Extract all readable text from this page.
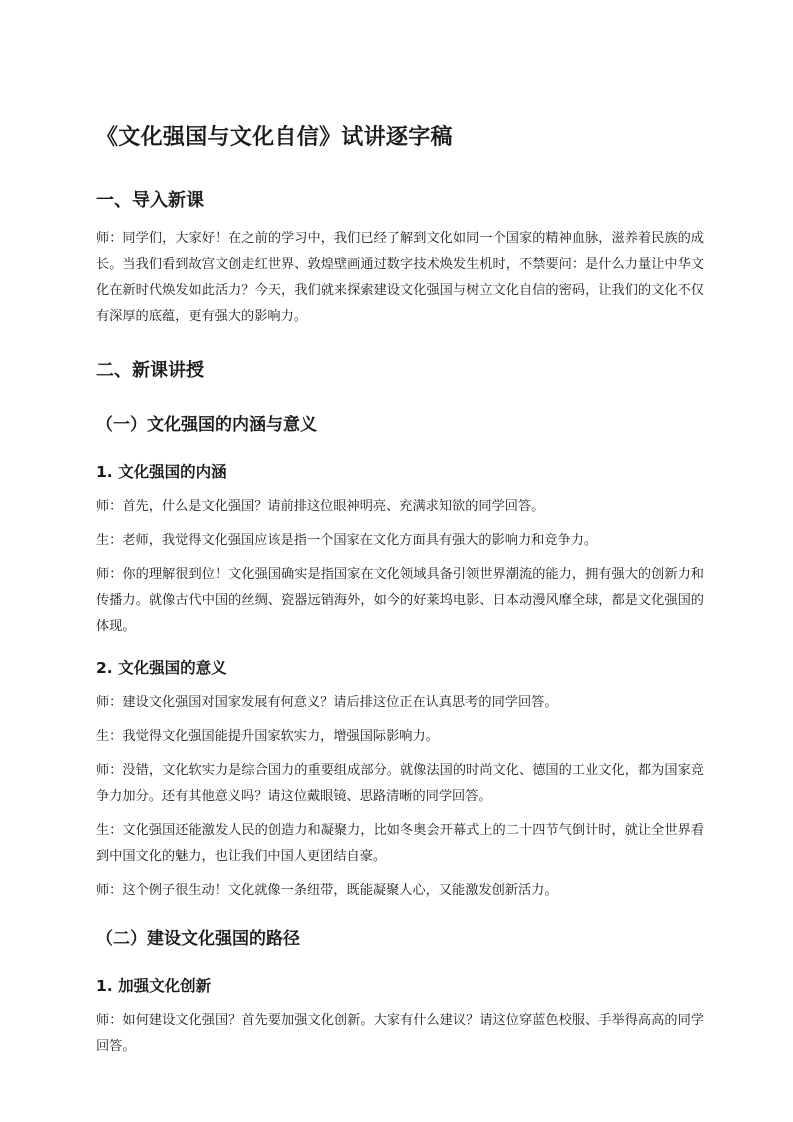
《文化强国与文化自信》试讲逐字稿
一、导入新课

师：同学们，大家好！在之前的学习中，我们已经了解到文化如同一个国家的精神血脉，滋养着民族的成长。当我们看到故宫文创走红世界、敦煌壁画通过数字技术焕发生机时，不禁要问：是什么力量让中华文化在新时代焕发如此活力？今天，我们就来探索建设文化强国与树立文化自信的密码，让我们的文化不仅有深厚的底蕴，更有强大的影响力。

二、新课讲授
（一）文化强国的内涵与意义
1. 文化强国的内涵

师：首先，什么是文化强国？请前排这位眼神明亮、充满求知欲的同学回答。

生：老师，我觉得文化强国应该是指一个国家在文化方面具有强大的影响力和竞争力。

师：你的理解很到位！文化强国确实是指国家在文化领域具备引领世界潮流的能力，拥有强大的创新力和传播力。就像古代中国的丝绸、瓷器远销海外，如今的好莱坞电影、日本动漫风靡全球，都是文化强国的体现。

2. 文化强国的意义

师：建设文化强国对国家发展有何意义？请后排这位正在认真思考的同学回答。

生：我觉得文化强国能提升国家软实力，增强国际影响力。

师：没错，文化软实力是综合国力的重要组成部分。就像法国的时尚文化、德国的工业文化，都为国家竞争力加分。还有其他意义吗？请这位戴眼镜、思路清晰的同学回答。

生：文化强国还能激发人民的创造力和凝聚力，比如冬奥会开幕式上的二十四节气倒计时，就让全世界看到中国文化的魅力，也让我们中国人更团结自豪。

师：这个例子很生动！文化就像一条纽带，既能凝聚人心，又能激发创新活力。

（二）建设文化强国的路径
1. 加强文化创新

师：如何建设文化强国？首先要加强文化创新。大家有什么建议？请这位穿蓝色校服、手举得高高的同学回答。
